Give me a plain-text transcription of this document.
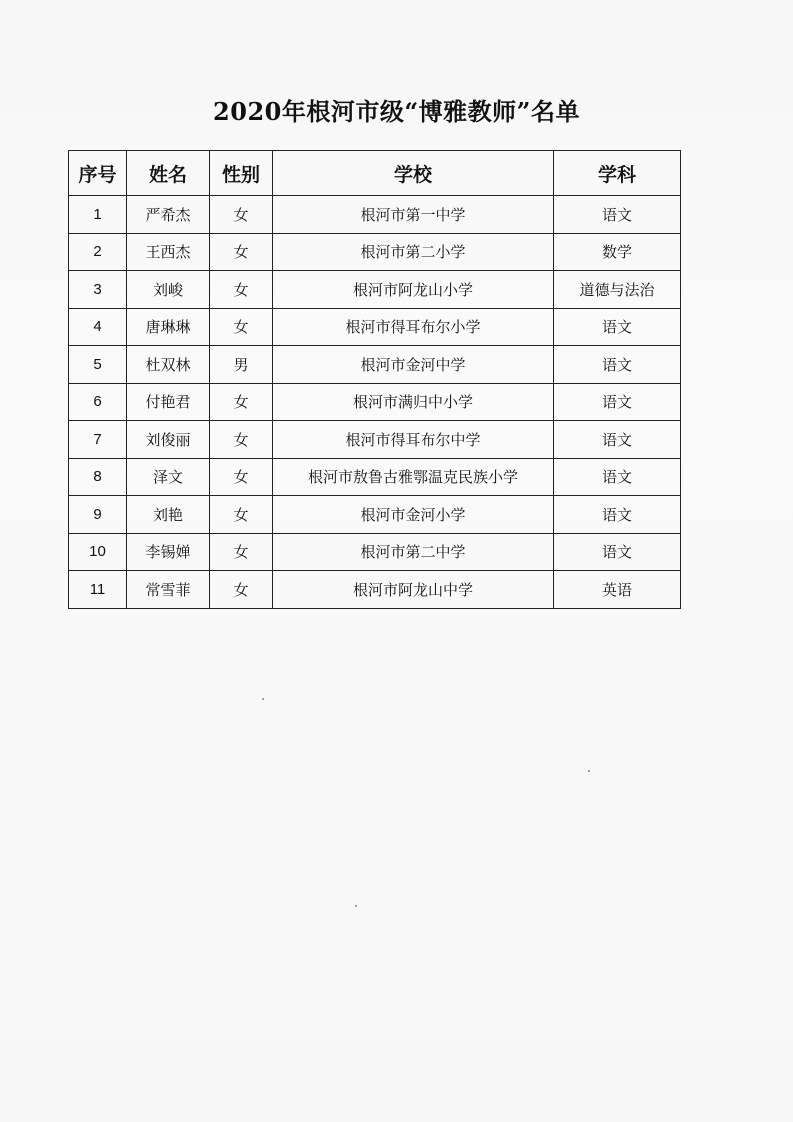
2020年根河市级“博雅教师”名单
序号	姓名	性别	学校	学科
1	严希杰	女	根河市第一中学	语文
2	王西杰	女	根河市第二小学	数学
3	刘峻	女	根河市阿龙山小学	道德与法治
4	唐琳琳	女	根河市得耳布尔小学	语文
5	杜双林	男	根河市金河中学	语文
6	付艳君	女	根河市满归中小学	语文
7	刘俊丽	女	根河市得耳布尔中学	语文
8	泽文	女	根河市敖鲁古雅鄂温克民族小学	语文
9	刘艳	女	根河市金河小学	语文
10	李锡婵	女	根河市第二中学	语文
11	常雪菲	女	根河市阿龙山中学	英语
